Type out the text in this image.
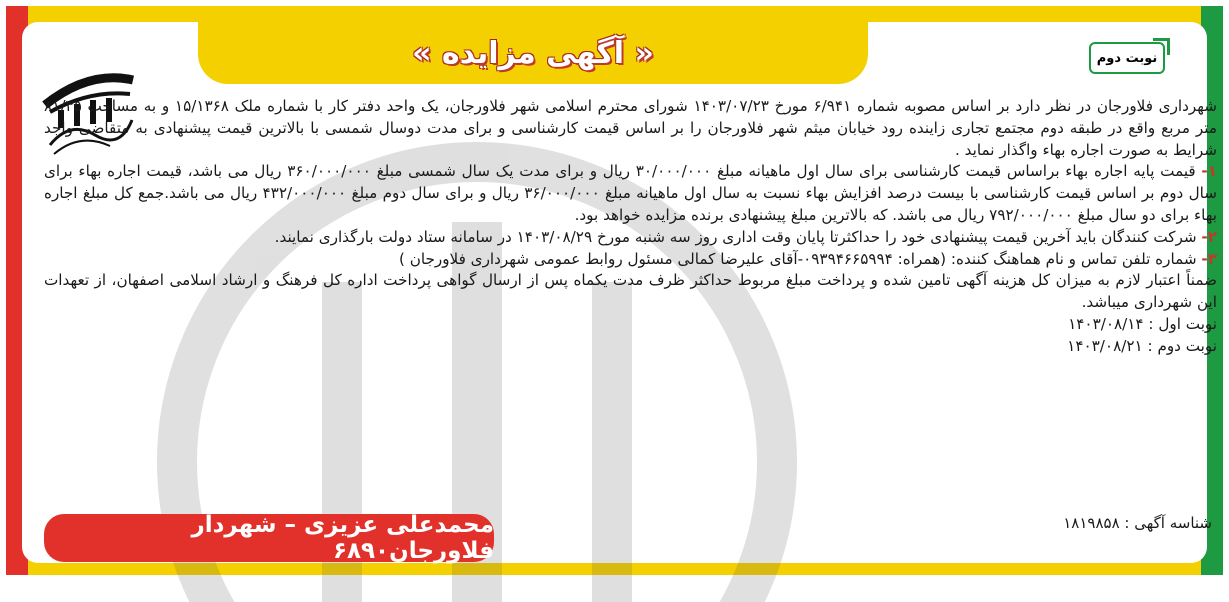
« آگهی مزایده »	نوبت دوم

شهرداری فلاورجان در نظر دارد بر اساس مصوبه شماره ۶/۹۴۱ مورخ ۱۴۰۳/۰۷/۲۳ شورای محترم اسلامی شهر فلاورجان، یک واحد دفتر کار با شماره ملک ۱۵/۱۳۶۸ و به مساحت ۸۱/۳۵ متر مربع واقع در طبقه دوم مجتمع تجاری زاینده رود خیابان میثم شهر فلاورجان را بر اساس قیمت کارشناسی و برای مدت دوسال شمسی با بالاترین قیمت پیشنهادی به متقاضی واجد شرایط به صورت اجاره بهاء واگذار نماید .

۱- قیمت پایه اجاره بهاء براساس قیمت کارشناسی برای سال اول ماهیانه مبلغ ۳۰/۰۰۰/۰۰۰ ریال و برای مدت یک سال شمسی مبلغ ۳۶۰/۰۰۰/۰۰۰ ریال می باشد، قیمت اجاره بهاء برای سال دوم بر اساس قیمت کارشناسی با بیست درصد افزایش بهاء نسبت به سال اول ماهیانه مبلغ ۳۶/۰۰۰/۰۰۰ ریال و برای سال دوم مبلغ ۴۳۲/۰۰۰/۰۰۰ ریال می باشد.جمع کل مبلغ اجاره بهاء برای دو سال مبلغ ۷۹۲/۰۰۰/۰۰۰ ریال می باشد. که بالاترین مبلغ پیشنهادی برنده مزایده خواهد بود.

۲- شرکت کنندگان باید آخرین قیمت پیشنهادی خود را حداکثرتا پایان وقت اداری روز سه شنبه مورخ ۱۴۰۳/۰۸/۲۹ در سامانه ستاد دولت بارگذاری نمایند.

۳- شماره تلفن تماس و نام هماهنگ کننده: (همراه: ۰۹۳۹۴۶۶۵۹۹۴-آقای علیرضا کمالی مسئول روابط عمومی شهرداری فلاورجان )

ضمناً اعتبار لازم به میزان کل هزینه آگهی تامین شده و پرداخت مبلغ مربوط حداکثر ظرف مدت یکماه پس از ارسال گواهی پرداخت اداره کل فرهنگ و ارشاد اسلامی اصفهان، از تعهدات این شهرداری میباشد.

نوبت اول : ۱۴۰۳/۰۸/۱۴

نوبت دوم : ۱۴۰۳/۰۸/۲۱

شناسه آگهی : ۱۸۱۹۸۵۸
محمدعلی عزیزی – شهردار فلاورجان۶۸۹۰
